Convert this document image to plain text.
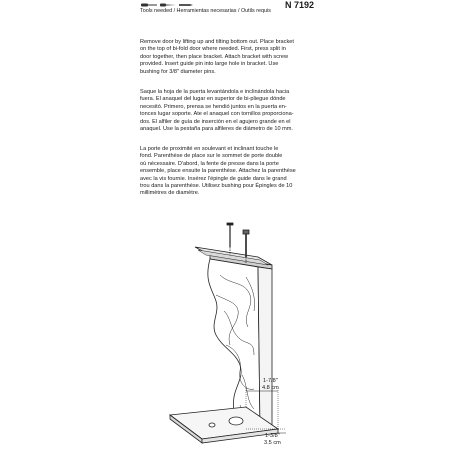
Tools needed / Herramientas necesarias / Outils requis
N 7192
Remove door by lifting up and tilting bottom out. Place bracket
on the top of bi-fold door where needed. First, press split in
door together, then place bracket. Attach bracket with screw
provided. Insert guide pin into large hole in bracket. Use
bushing for 3/8" diameter pins.
Saque la hoja de la puerta levantándola e inclinándola hacia
fuera. El anaquel del lugar en superior de bi-pliegue dónde
necesitó. Primero, prensa se hendió juntos en la puerta en-
tonces lugar soporte. Ate el anaquel con tornillos proporciona-
dos. El alfiler de guía de inserción en el agujero grande en el
anaquel. Use la pestaña para alfileres de diámetro de 10 mm.
La porte de proximité en soulevant et inclinant touche le
fond. Parenthèse de place sur le sommet de porte double
où nécessaire. D'abord, la fente de presse dans la porte
ensemble, place ensuite la parenthèse. Attachez la parenthèse
avec la vis fournie. Insérez l'épingle de guide dans le grand
trou dans la parenthèse. Utilisez bushing pour Épingles de 10
millimètres de diamètre.
1-7/8"
4.8 cm
1-3/8"
3.5 cm
